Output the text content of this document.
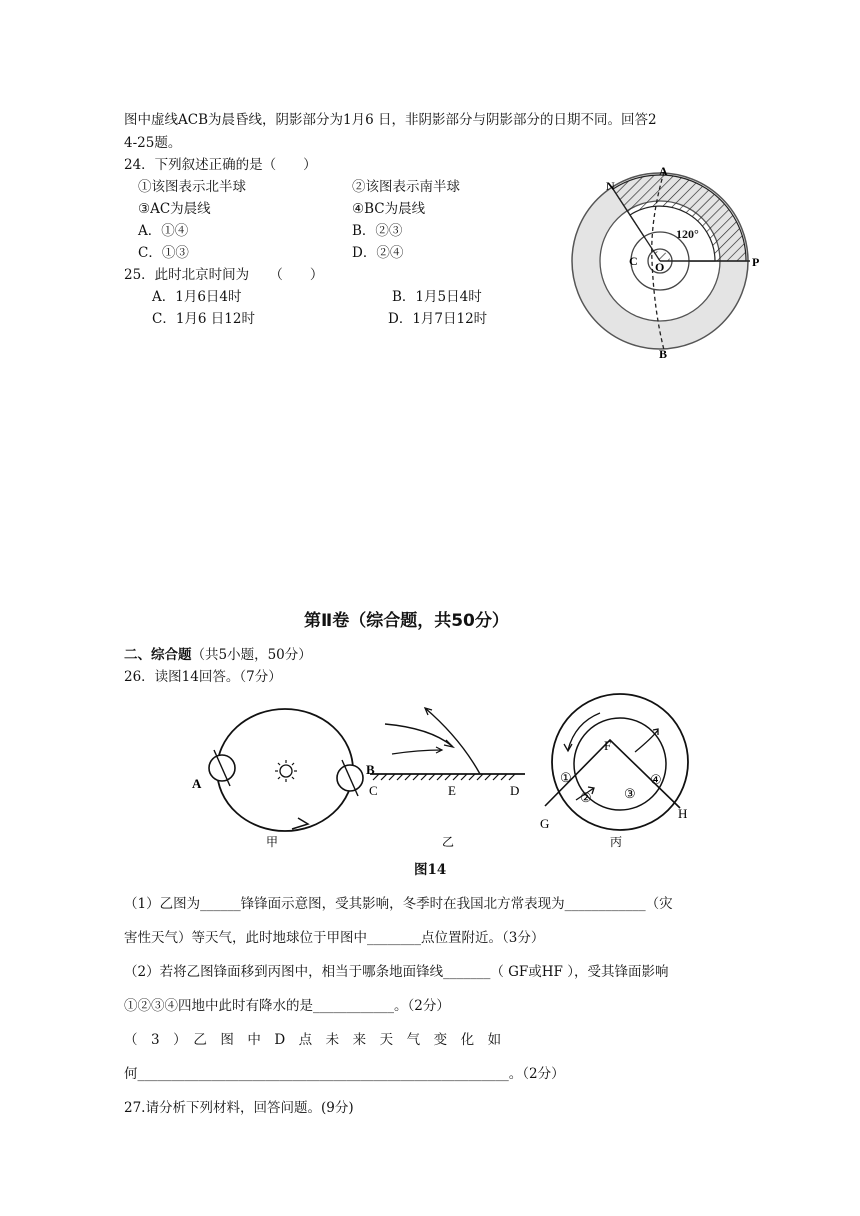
图中虚线ACB为晨昏线，阴影部分为1月6 日，非阴影部分与阴影部分的日期不同。回答2
4-25题。
24．下列叙述正确的是（　　）
①该图表示北半球	②该图表示南半球
③AC为晨线	④BC为晨线
A．①④	B．②③
C．①③	D．②④
25．此时北京时间为　　（　　）
A．1月6日4时	B．1月5日4时
C．1月6 日12时	D．1月7日12时
N
A
C O	P
B
120°
第Ⅱ卷（综合题，共50分）
二、综合题（共5小题，50分）
26．读图14回答。（7分）
A
B
甲
C	E	D
乙
F
①
② ③
④
G
H
丙
图14
（1）乙图为______锋锋面示意图，受其影响，冬季时在我国北方常表现为____________（灾
害性天气）等天气，此时地球位于甲图中________点位置附近。（3分）
（2）若将乙图锋面移到丙图中，相当于哪条地面锋线_______（ GF或HF ），受其锋面影响
①②③④四地中此时有降水的是____________。（2分）
（　3　）　乙　图　中　D　点　未　来　天　气　变　化　如
何_______________________________________________________。（2分）
27.请分析下列材料，回答问题。(9分)
